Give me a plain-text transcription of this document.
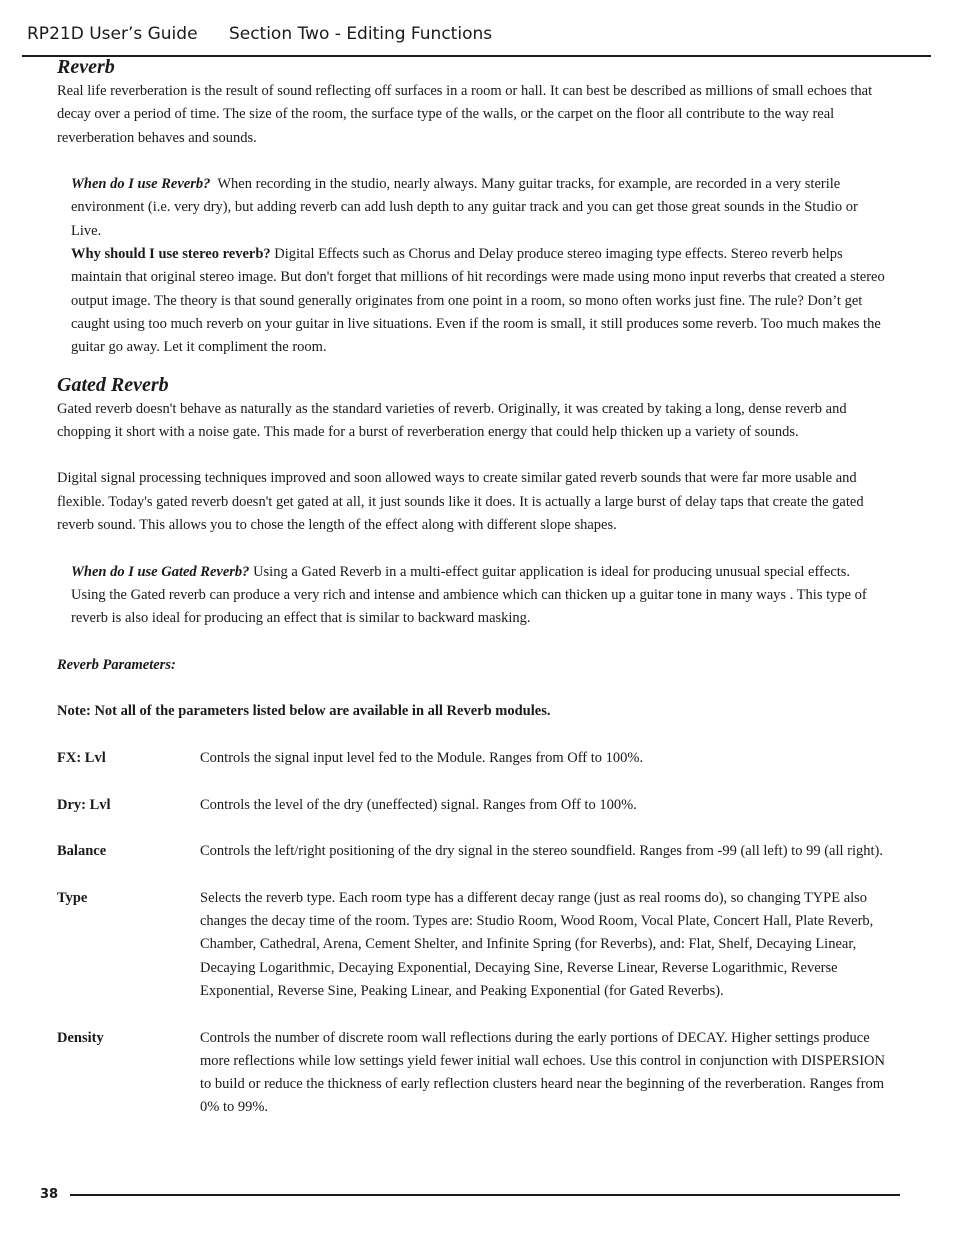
RP21D User’s Guide Section Two - Editing Functions
Reverb

Real life reverberation is the result of sound reflecting off surfaces in a room or hall. It can best be described as millions of small echoes that decay over a period of time. The size of the room, the surface type of the walls, or the carpet on the floor all contribute to the way real reverberation behaves and sounds.

When do I use Reverb?  When recording in the studio, nearly always. Many guitar tracks, for example, are recorded in a very sterile environment (i.e. very dry), but adding reverb can add lush depth to any guitar track and you can get those great sounds in the Studio or Live.

Why should I use stereo reverb? Digital Effects such as Chorus and Delay produce stereo imaging type effects. Stereo reverb helps maintain that original stereo image. But don't forget that millions of hit recordings were made using mono input reverbs that created a stereo output image. The theory is that sound generally originates from one point in a room, so mono often works just fine. The rule? Don’t get caught using too much reverb on your guitar in live situations. Even if the room is small, it still produces some reverb. Too much makes the guitar go away. Let it compliment the room.

Gated Reverb

Gated reverb doesn't behave as naturally as the standard varieties of reverb. Originally, it was created by taking a long, dense reverb and chopping it short with a noise gate. This made for a burst of reverberation energy that could help thicken up a variety of sounds.

Digital signal processing techniques improved and soon allowed ways to create similar gated reverb sounds that were far more usable and flexible. Today's gated reverb doesn't get gated at all, it just sounds like it does. It is actually a large burst of delay taps that create the gated reverb sound. This allows you to chose the length of the effect along with different slope shapes.

When do I use Gated Reverb? Using a Gated Reverb in a multi-effect guitar application is ideal for producing unusual special effects. Using the Gated reverb can produce a very rich and intense and ambience which can thicken up a guitar tone in many ways . This type of reverb is also ideal for producing an effect that is similar to backward masking.

Reverb Parameters:

Note: Not all of the parameters listed below are available in all Reverb modules.

FX: Lvl	Controls the signal input level fed to the Module. Ranges from Off to 100%.
Dry: Lvl	Controls the level of the dry (uneffected) signal. Ranges from Off to 100%.
Balance	Controls the left/right positioning of the dry signal in the stereo soundfield. Ranges from -99 (all left) to 99 (all right).
Type	Selects the reverb type. Each room type has a different decay range (just as real rooms do), so changing TYPE also changes the decay time of the room. Types are: Studio Room, Wood Room, Vocal Plate, Concert Hall, Plate Reverb, Chamber, Cathedral, Arena, Cement Shelter, and Infinite Spring (for Reverbs), and: Flat, Shelf, Decaying Linear, Decaying Logarithmic, Decaying Exponential, Decaying Sine, Reverse Linear, Reverse Logarithmic, Reverse Exponential, Reverse Sine, Peaking Linear, and Peaking Exponential (for Gated Reverbs).
Density	Controls the number of discrete room wall reflections during the early portions of DECAY. Higher settings produce more reflections while low settings yield fewer initial wall echoes. Use this control in conjunction with DISPERSION to build or reduce the thickness of early reflection clusters heard near the beginning of the reverberation. Ranges from 0% to 99%.
38
